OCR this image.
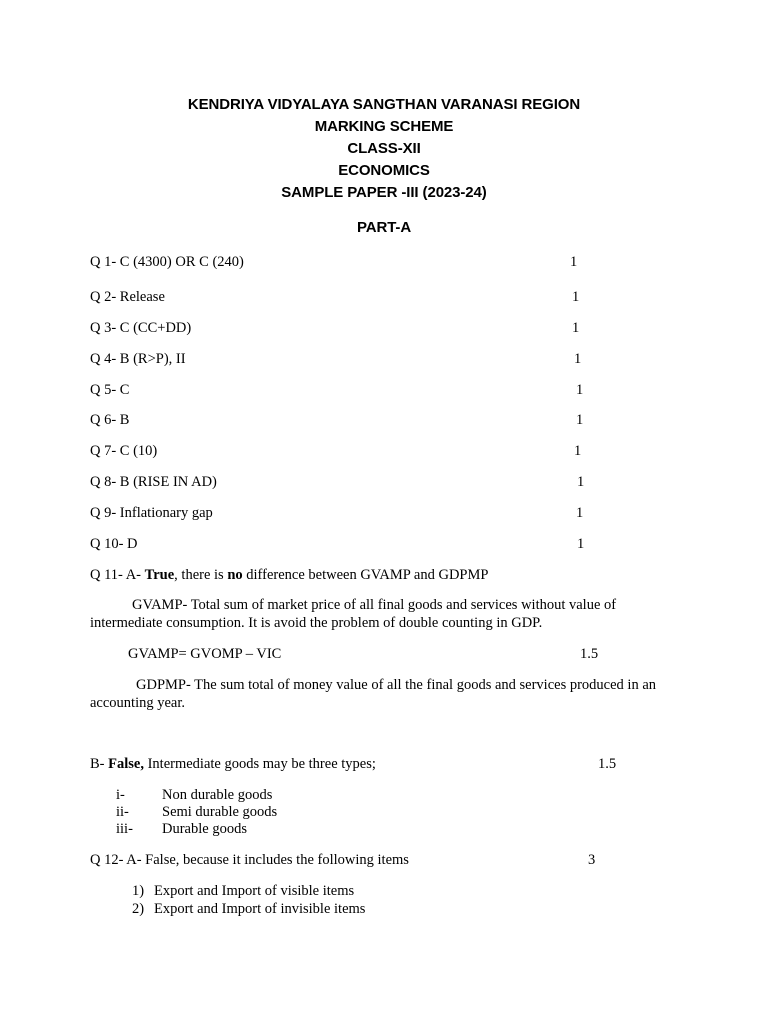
KENDRIYA VIDYALAYA SANGTHAN VARANASI REGION
MARKING SCHEME
CLASS-XII
ECONOMICS
SAMPLE PAPER -III (2023-24)
PART-A
Q 1- C (4300) OR C (240)	1
Q 2- Release	1
Q 3- C (CC+DD)	1
Q 4- B (R>P), II	1
Q 5- C	1
Q 6- B	1
Q 7- C (10)	1
Q 8- B (RISE IN AD)	1
Q 9- Inflationary gap	1
Q 10- D	1
Q 11- A- True, there is no difference between GVAMP and GDPMP
GVAMP- Total sum of market price of all final goods and services without value of intermediate consumption. It is avoid the problem of double counting in GDP.
GVAMP= GVOMP – VIC	1.5
GDPMP- The sum total of money value of all the final goods and services produced in an accounting year.
B- False, Intermediate goods may be three types;	1.5
i-	Non durable goods
ii- Semi durable goods
iii- Durable goods
Q 12- A- False, because it includes the following items	3
1) Export and Import of visible items
2) Export and Import of invisible items
